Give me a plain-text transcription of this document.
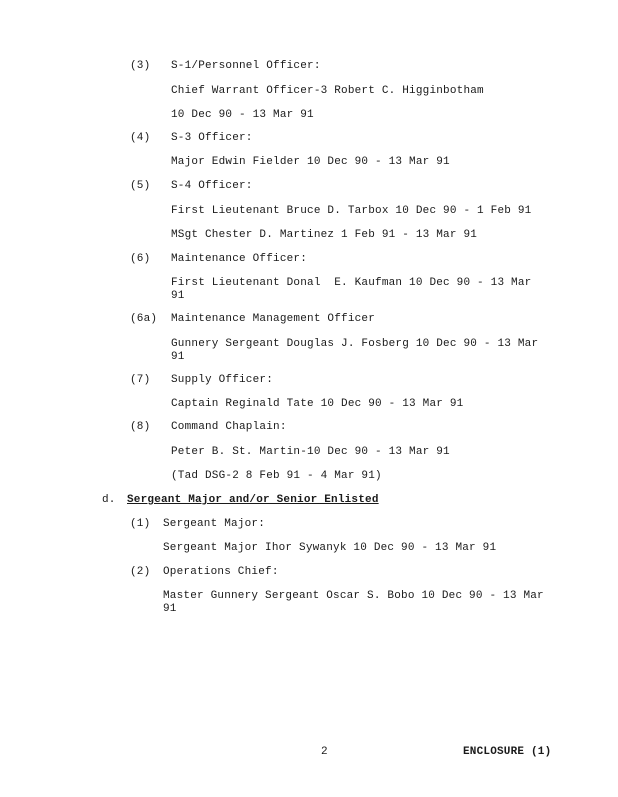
(3) S-1/Personnel Officer:
Chief Warrant Officer-3 Robert C. Higginbotham
10 Dec 90 - 13 Mar 91
(4) S-3 Officer:
Major Edwin Fielder 10 Dec 90 - 13 Mar 91
(5) S-4 Officer:
First Lieutenant Bruce D. Tarbox 10 Dec 90 - 1 Feb 91
MSgt Chester D. Martinez 1 Feb 91 - 13 Mar 91
(6) Maintenance Officer:
First Lieutenant Donal  E. Kaufman 10 Dec 90 - 13 Mar
91
(6a) Maintenance Management Officer
Gunnery Sergeant Douglas J. Fosberg 10 Dec 90 - 13 Mar
91
(7) Supply Officer:
Captain Reginald Tate 10 Dec 90 - 13 Mar 91
(8) Command Chaplain:
Peter B. St. Martin-10 Dec 90 - 13 Mar 91
(Tad DSG-2 8 Feb 91 - 4 Mar 91)
d. Sergeant Major and/or Senior Enlisted
(1) Sergeant Major:
Sergeant Major Ihor Sywanyk 10 Dec 90 - 13 Mar 91
(2) Operations Chief:
Master Gunnery Sergeant Oscar S. Bobo 10 Dec 90 - 13 Mar
91
2	ENCLOSURE (1)
